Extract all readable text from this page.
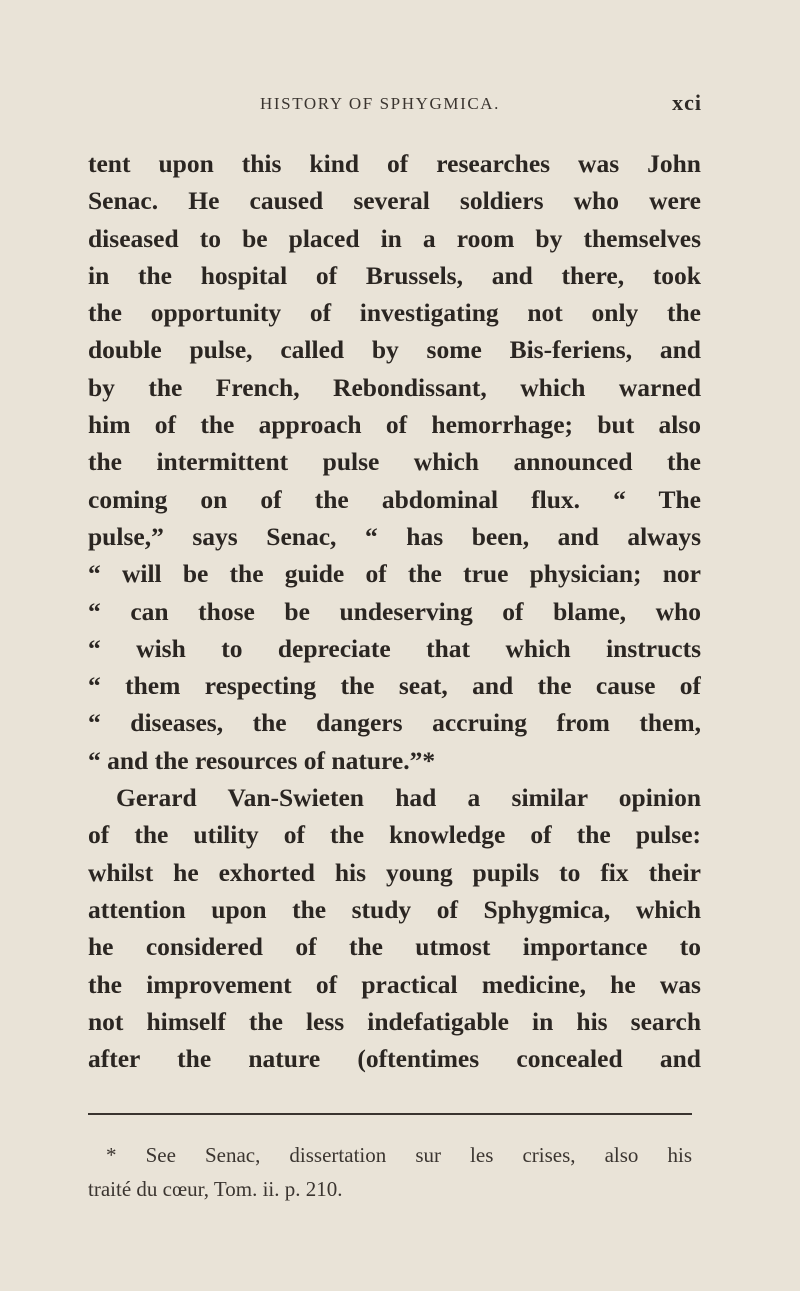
HISTORY OF SPHYGMICA.	xci
tent upon this kind of researches was John
Senac. He caused several soldiers who were
diseased to be placed in a room by themselves
in the hospital of Brussels, and there, took
the opportunity of investigating not only the
double pulse, called by some Bis-feriens, and
by the French, Rebondissant, which warned
him of the approach of hemorrhage; but also
the intermittent pulse which announced the
coming on of the abdominal flux. “ The
pulse,” says Senac, “ has been, and always
“ will be the guide of the true physician; nor
“ can those be undeserving of blame, who
“ wish to depreciate that which instructs
“ them respecting the seat, and the cause of
“ diseases, the dangers accruing from them,
“ and the resources of nature.”*
Gerard Van-Swieten had a similar opinion
of the utility of the knowledge of the pulse:
whilst he exhorted his young pupils to fix their
attention upon the study of Sphygmica, which
he considered of the utmost importance to
the improvement of practical medicine, he was
not himself the less indefatigable in his search
after the nature (oftentimes concealed and
* See Senac, dissertation sur les crises, also his
traité du cœur, Tom. ii. p. 210.
